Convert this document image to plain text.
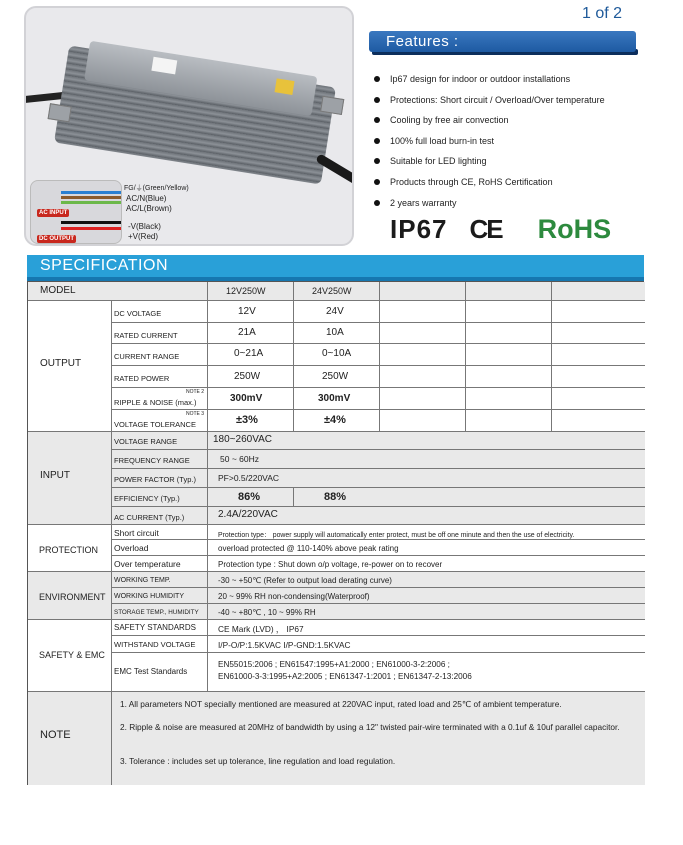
AC INPUT
DC OUTPUT
FG/⏚(Green/Yellow)
AC/N(Blue)
AC/L(Brown)
-V(Black)
+V(Red)
1 of 2
Features :
Ip67 design for indoor or outdoor installations
Protections: Short circuit / Overload/Over temperature
Cooling by free air convection
100% full load burn-in test
Suitable for LED lighting
Products through CE, RoHS Certification
2 years warranty
IP67 CE RoHS
SPECIFICATION
MODEL	12V250W	24V250W
OUTPUT
DC VOLTAGE	12V	24V
RATED CURRENT	21A	10A
CURRENT RANGE	0~21A	0~10A
RATED POWER	250W	250W
NOTE 2
RIPPLE & NOISE (max.)	300mV	300mV
NOTE 3
VOLTAGE TOLERANCE	±3%	±4%
INPUT
VOLTAGE RANGE	180~260VAC
FREQUENCY RANGE	50 ~ 60Hz
POWER FACTOR (Typ.)	PF>0.5/220VAC
EFFICIENCY (Typ.)	86%	88%
AC CURRENT (Typ.)	2.4A/220VAC
PROTECTION
Short circuit	Protection type： power supply will automatically enter protect, must be off one minute and then the use of electricity.
Overload	overload protected @ 110-140% above peak rating
Over temperature	Protection type : Shut down o/p voltage, re-power on to recover
ENVIRONMENT
WORKING TEMP.	-30 ~ +50℃ (Refer to output load derating curve)
WORKING HUMIDITY	20 ~ 99% RH non-condensing(Waterproof)
STORAGE TEMP., HUMIDITY -40 ~ +80℃ , 10 ~ 99% RH
SAFETY & EMC
SAFETY STANDARDS	CE Mark (LVD) ， IP67
WITHSTAND VOLTAGE	I/P-O/P:1.5KVAC I/P-GND:1.5KVAC
EMC Test Standards
EN55015:2006 ; EN61547:1995+A1:2000 ; EN61000-3-2:2006 ;
EN61000-3-3:1995+A2:2005 ; EN61347-1:2001 ; EN61347-2-13:2006
NOTE
1. All parameters NOT specially mentioned are measured at 220VAC input, rated load and 25℃ of ambient temperature.
2. Ripple & noise are measured at 20MHz of bandwidth by using a 12" twisted pair-wire terminated with a 0.1uf & 10uf parallel capacitor.
3. Tolerance : includes set up tolerance, line regulation and load regulation.
